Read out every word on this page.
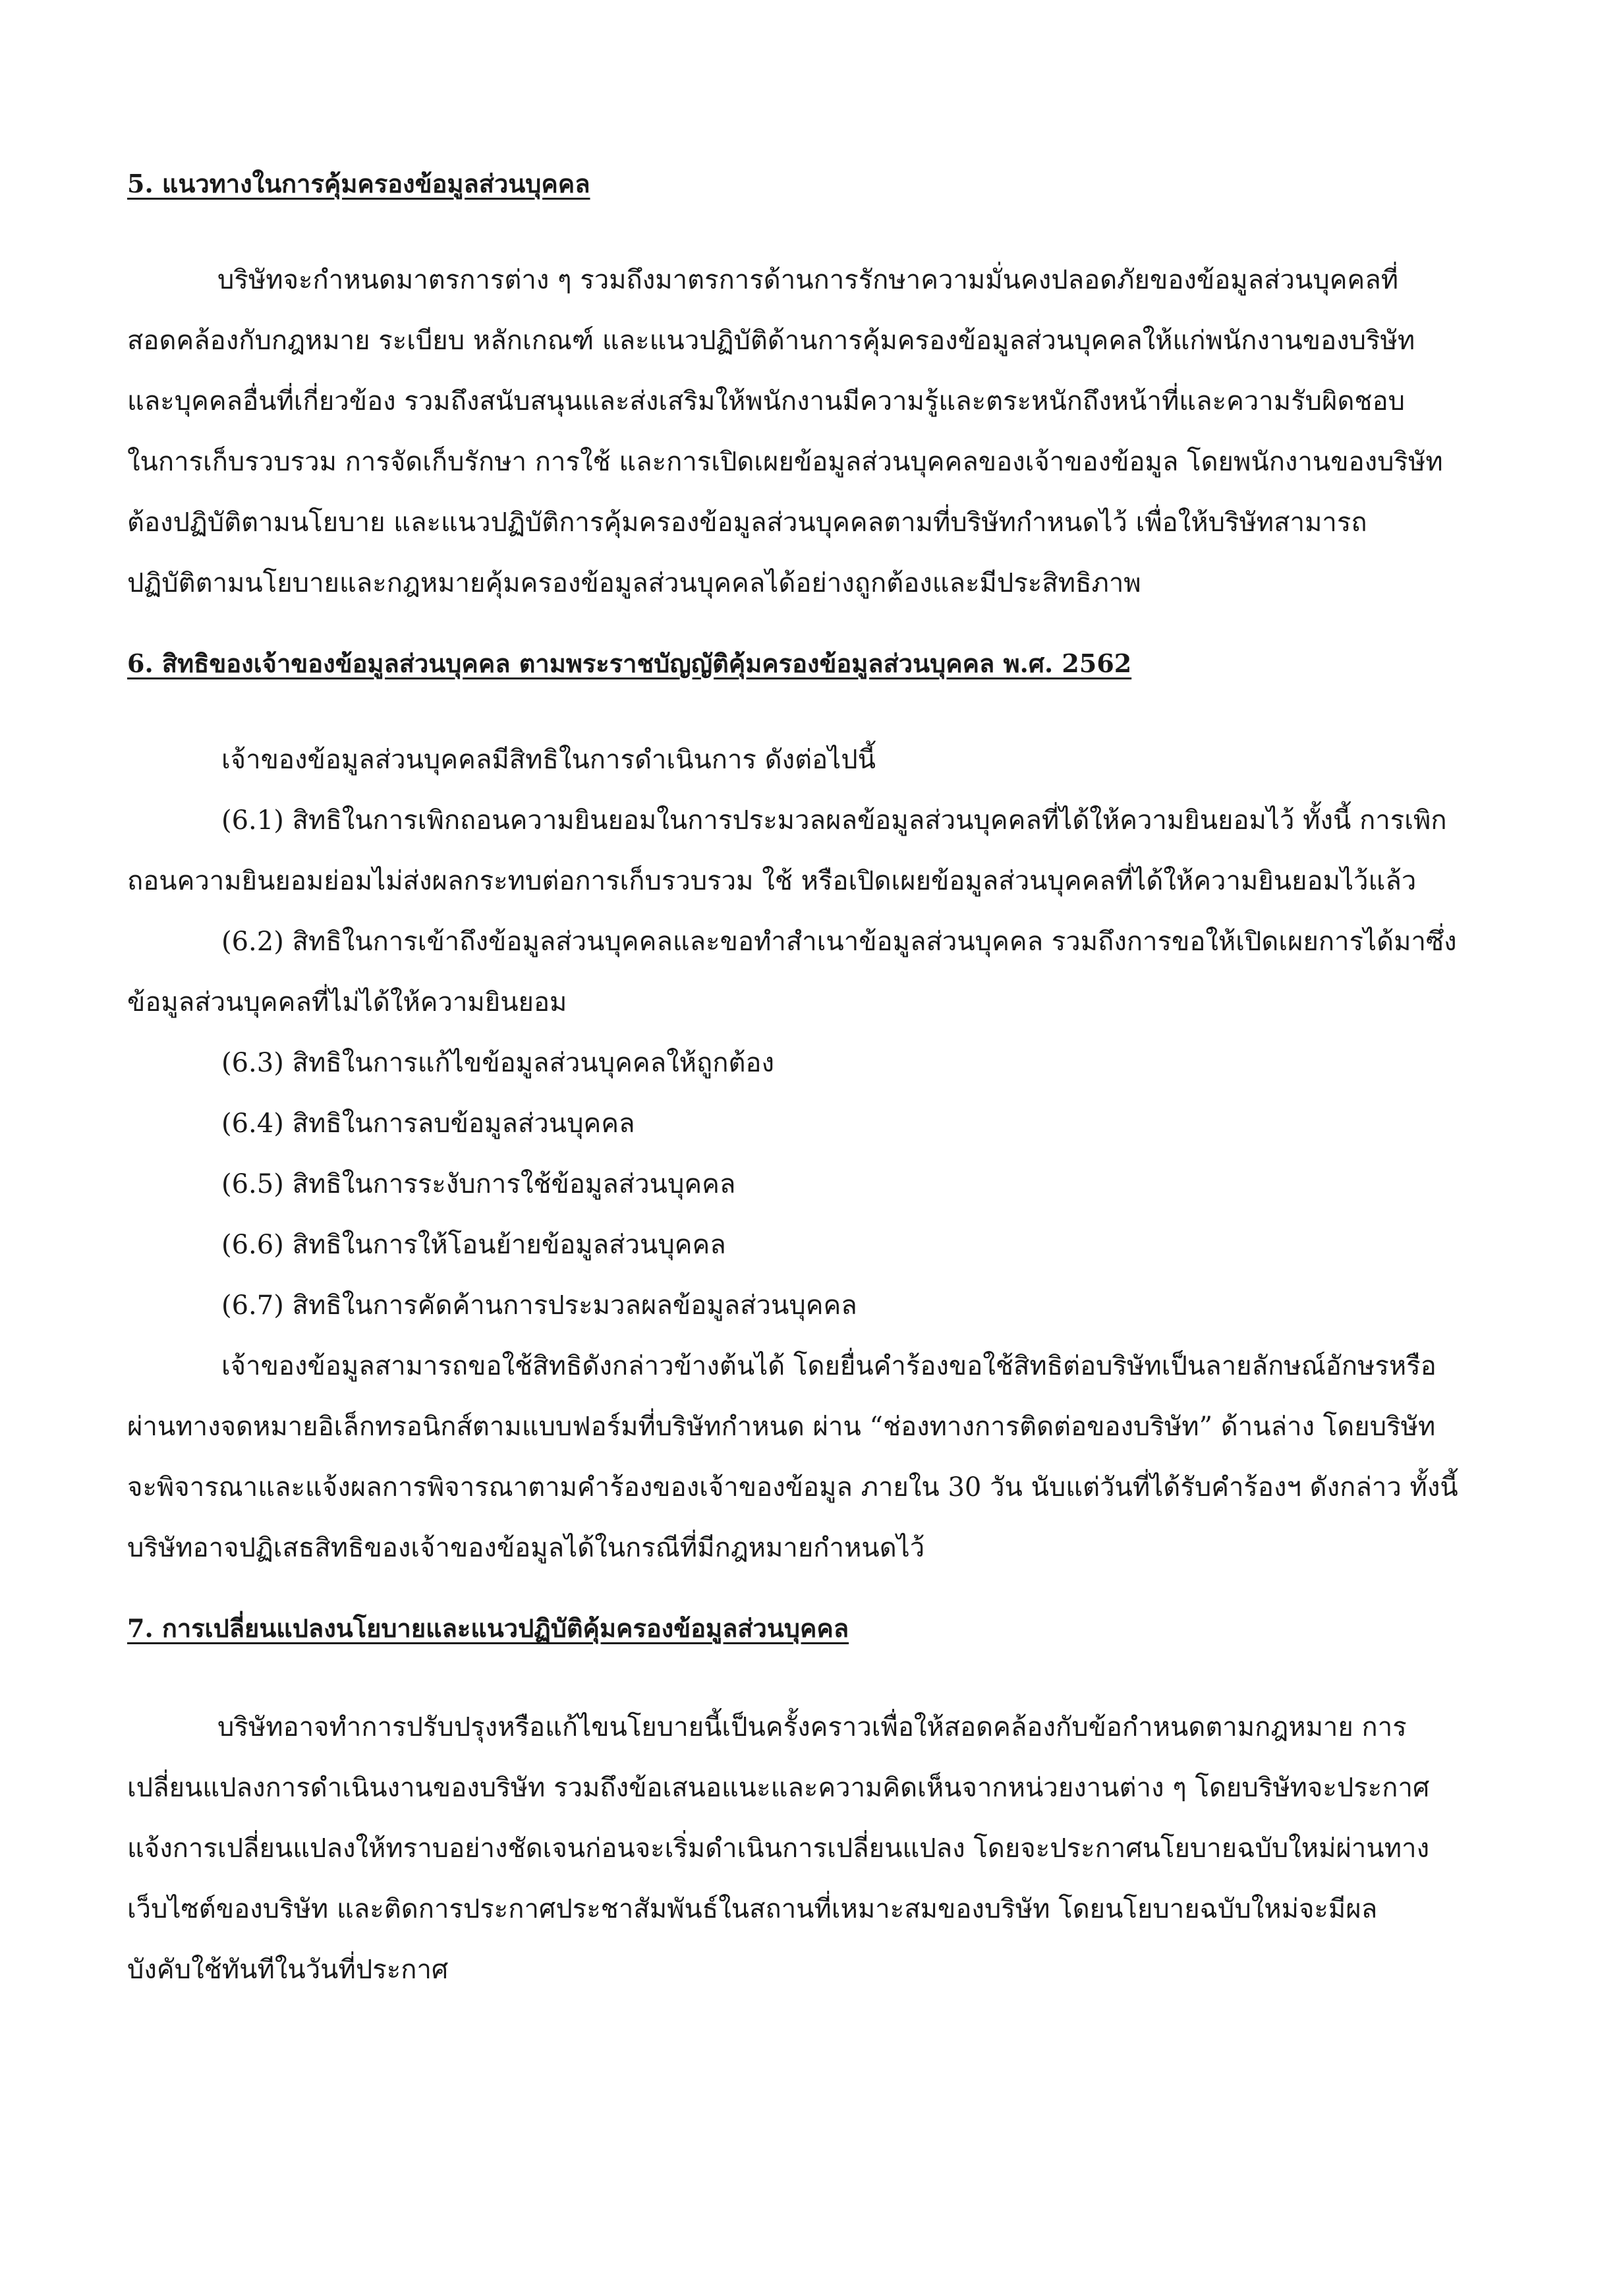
5. แนวทางในการคุ้มครองข้อมูลส่วนบุคคล
บริษัทจะกำหนดมาตรการต่าง ๆ รวมถึงมาตรการด้านการรักษาความมั่นคงปลอดภัยของข้อมูลส่วนบุคคลที่
สอดคล้องกับกฎหมาย ระเบียบ หลักเกณฑ์ และแนวปฏิบัติด้านการคุ้มครองข้อมูลส่วนบุคคลให้แก่พนักงานของบริษัท
และบุคคลอื่นที่เกี่ยวข้อง รวมถึงสนับสนุนและส่งเสริมให้พนักงานมีความรู้และตระหนักถึงหน้าที่และความรับผิดชอบ
ในการเก็บรวบรวม การจัดเก็บรักษา การใช้ และการเปิดเผยข้อมูลส่วนบุคคลของเจ้าของข้อมูล โดยพนักงานของบริษัท
ต้องปฏิบัติตามนโยบาย และแนวปฏิบัติการคุ้มครองข้อมูลส่วนบุคคลตามที่บริษัทกำหนดไว้ เพื่อให้บริษัทสามารถ
ปฏิบัติตามนโยบายและกฎหมายคุ้มครองข้อมูลส่วนบุคคลได้อย่างถูกต้องและมีประสิทธิภาพ
6. สิทธิของเจ้าของข้อมูลส่วนบุคคล ตามพระราชบัญญัติคุ้มครองข้อมูลส่วนบุคคล พ.ศ. 2562
เจ้าของข้อมูลส่วนบุคคลมีสิทธิในการดำเนินการ ดังต่อไปนี้
(6.1) สิทธิในการเพิกถอนความยินยอมในการประมวลผลข้อมูลส่วนบุคคลที่ได้ให้ความยินยอมไว้ ทั้งนี้ การเพิก
ถอนความยินยอมย่อมไม่ส่งผลกระทบต่อการเก็บรวบรวม ใช้ หรือเปิดเผยข้อมูลส่วนบุคคลที่ได้ให้ความยินยอมไว้แล้ว
(6.2) สิทธิในการเข้าถึงข้อมูลส่วนบุคคลและขอทำสำเนาข้อมูลส่วนบุคคล รวมถึงการขอให้เปิดเผยการได้มาซึ่ง
ข้อมูลส่วนบุคคลที่ไม่ได้ให้ความยินยอม
(6.3) สิทธิในการแก้ไขข้อมูลส่วนบุคคลให้ถูกต้อง
(6.4) สิทธิในการลบข้อมูลส่วนบุคคล
(6.5) สิทธิในการระงับการใช้ข้อมูลส่วนบุคคล
(6.6) สิทธิในการให้โอนย้ายข้อมูลส่วนบุคคล
(6.7) สิทธิในการคัดค้านการประมวลผลข้อมูลส่วนบุคคล
เจ้าของข้อมูลสามารถขอใช้สิทธิดังกล่าวข้างต้นได้ โดยยื่นคำร้องขอใช้สิทธิต่อบริษัทเป็นลายลักษณ์อักษรหรือ
ผ่านทางจดหมายอิเล็กทรอนิกส์ตามแบบฟอร์มที่บริษัทกำหนด ผ่าน “ช่องทางการติดต่อของบริษัท” ด้านล่าง โดยบริษัท
จะพิจารณาและแจ้งผลการพิจารณาตามคำร้องของเจ้าของข้อมูล ภายใน 30 วัน นับแต่วันที่ได้รับคำร้องฯ ดังกล่าว ทั้งนี้
บริษัทอาจปฏิเสธสิทธิของเจ้าของข้อมูลได้ในกรณีที่มีกฎหมายกำหนดไว้
7. การเปลี่ยนแปลงนโยบายและแนวปฏิบัติคุ้มครองข้อมูลส่วนบุคคล
บริษัทอาจทำการปรับปรุงหรือแก้ไขนโยบายนี้เป็นครั้งคราวเพื่อให้สอดคล้องกับข้อกำหนดตามกฎหมาย การ
เปลี่ยนแปลงการดำเนินงานของบริษัท รวมถึงข้อเสนอแนะและความคิดเห็นจากหน่วยงานต่าง ๆ โดยบริษัทจะประกาศ
แจ้งการเปลี่ยนแปลงให้ทราบอย่างชัดเจนก่อนจะเริ่มดำเนินการเปลี่ยนแปลง โดยจะประกาศนโยบายฉบับใหม่ผ่านทาง
เว็บไซต์ของบริษัท และติดการประกาศประชาสัมพันธ์ในสถานที่เหมาะสมของบริษัท โดยนโยบายฉบับใหม่จะมีผล
บังคับใช้ทันทีในวันที่ประกาศ
